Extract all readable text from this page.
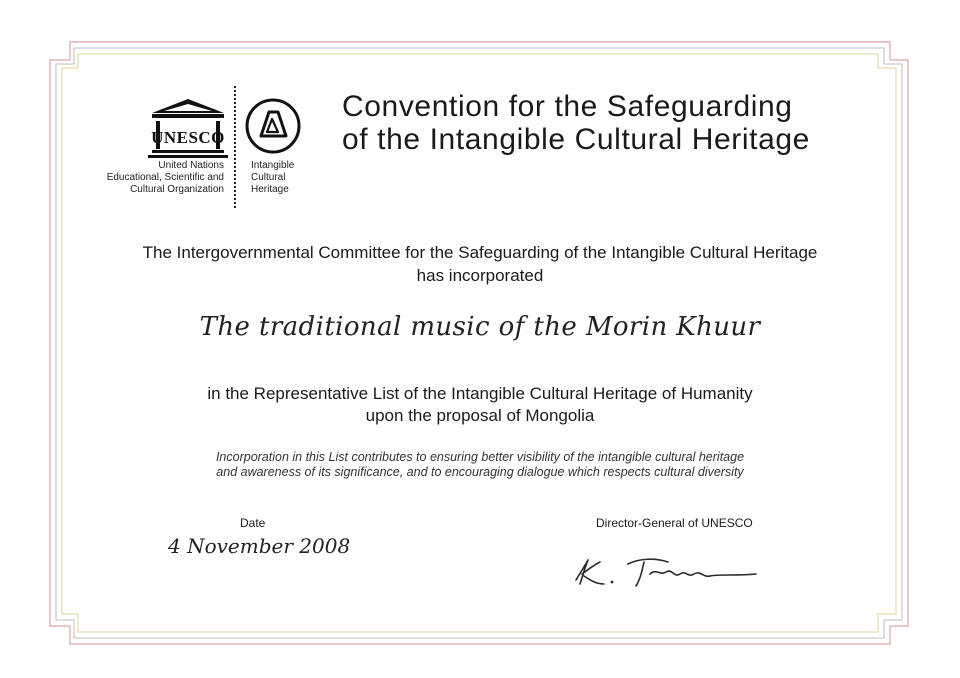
UNESCO
United Nations
Educational, Scientific and
Cultural Organization
Intangible
Cultural
Heritage
Convention for the Safeguarding
of the Intangible Cultural Heritage
The Intergovernmental Committee for the Safeguarding of the Intangible Cultural Heritage
has incorporated
The traditional music of the Morin Khuur
in the Representative List of the Intangible Cultural Heritage of Humanity
upon the proposal of Mongolia
Incorporation in this List contributes to ensuring better visibility of the intangible cultural heritage
and awareness of its significance, and to encouraging dialogue which respects cultural diversity
Date
4 November 2008
Director-General of UNESCO
